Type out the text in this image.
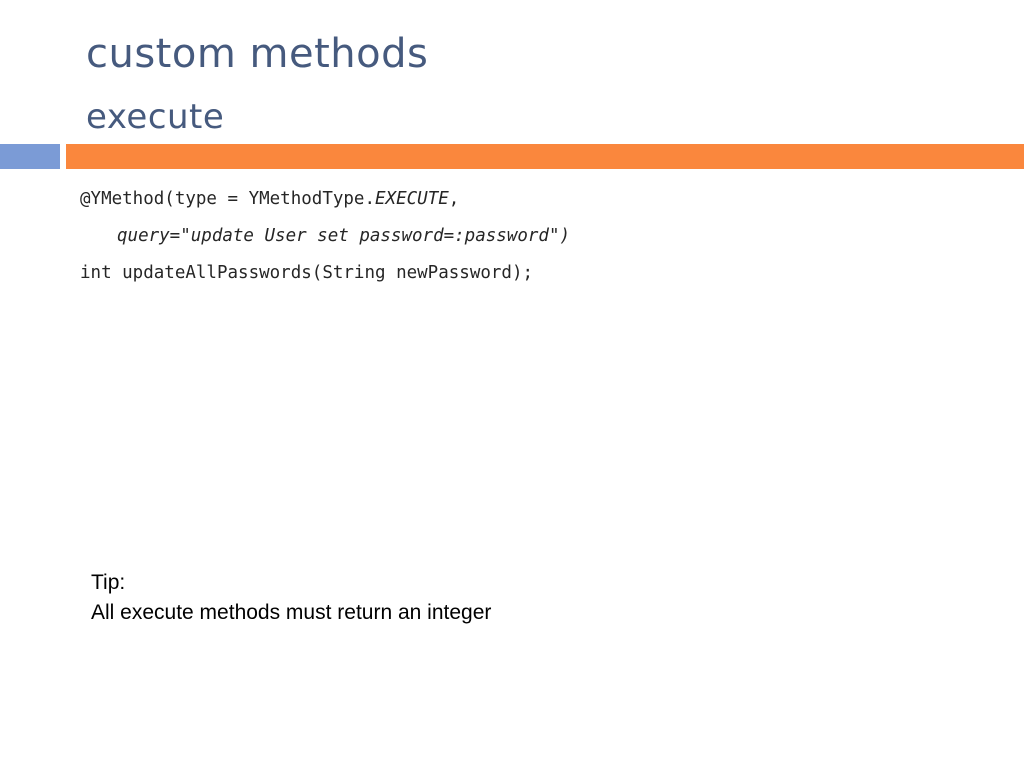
custom methods
execute
@YMethod(type = YMethodType.EXECUTE,
query="update User set password=:password")
int updateAllPasswords(String newPassword);
Tip:
All execute methods must return an integer
